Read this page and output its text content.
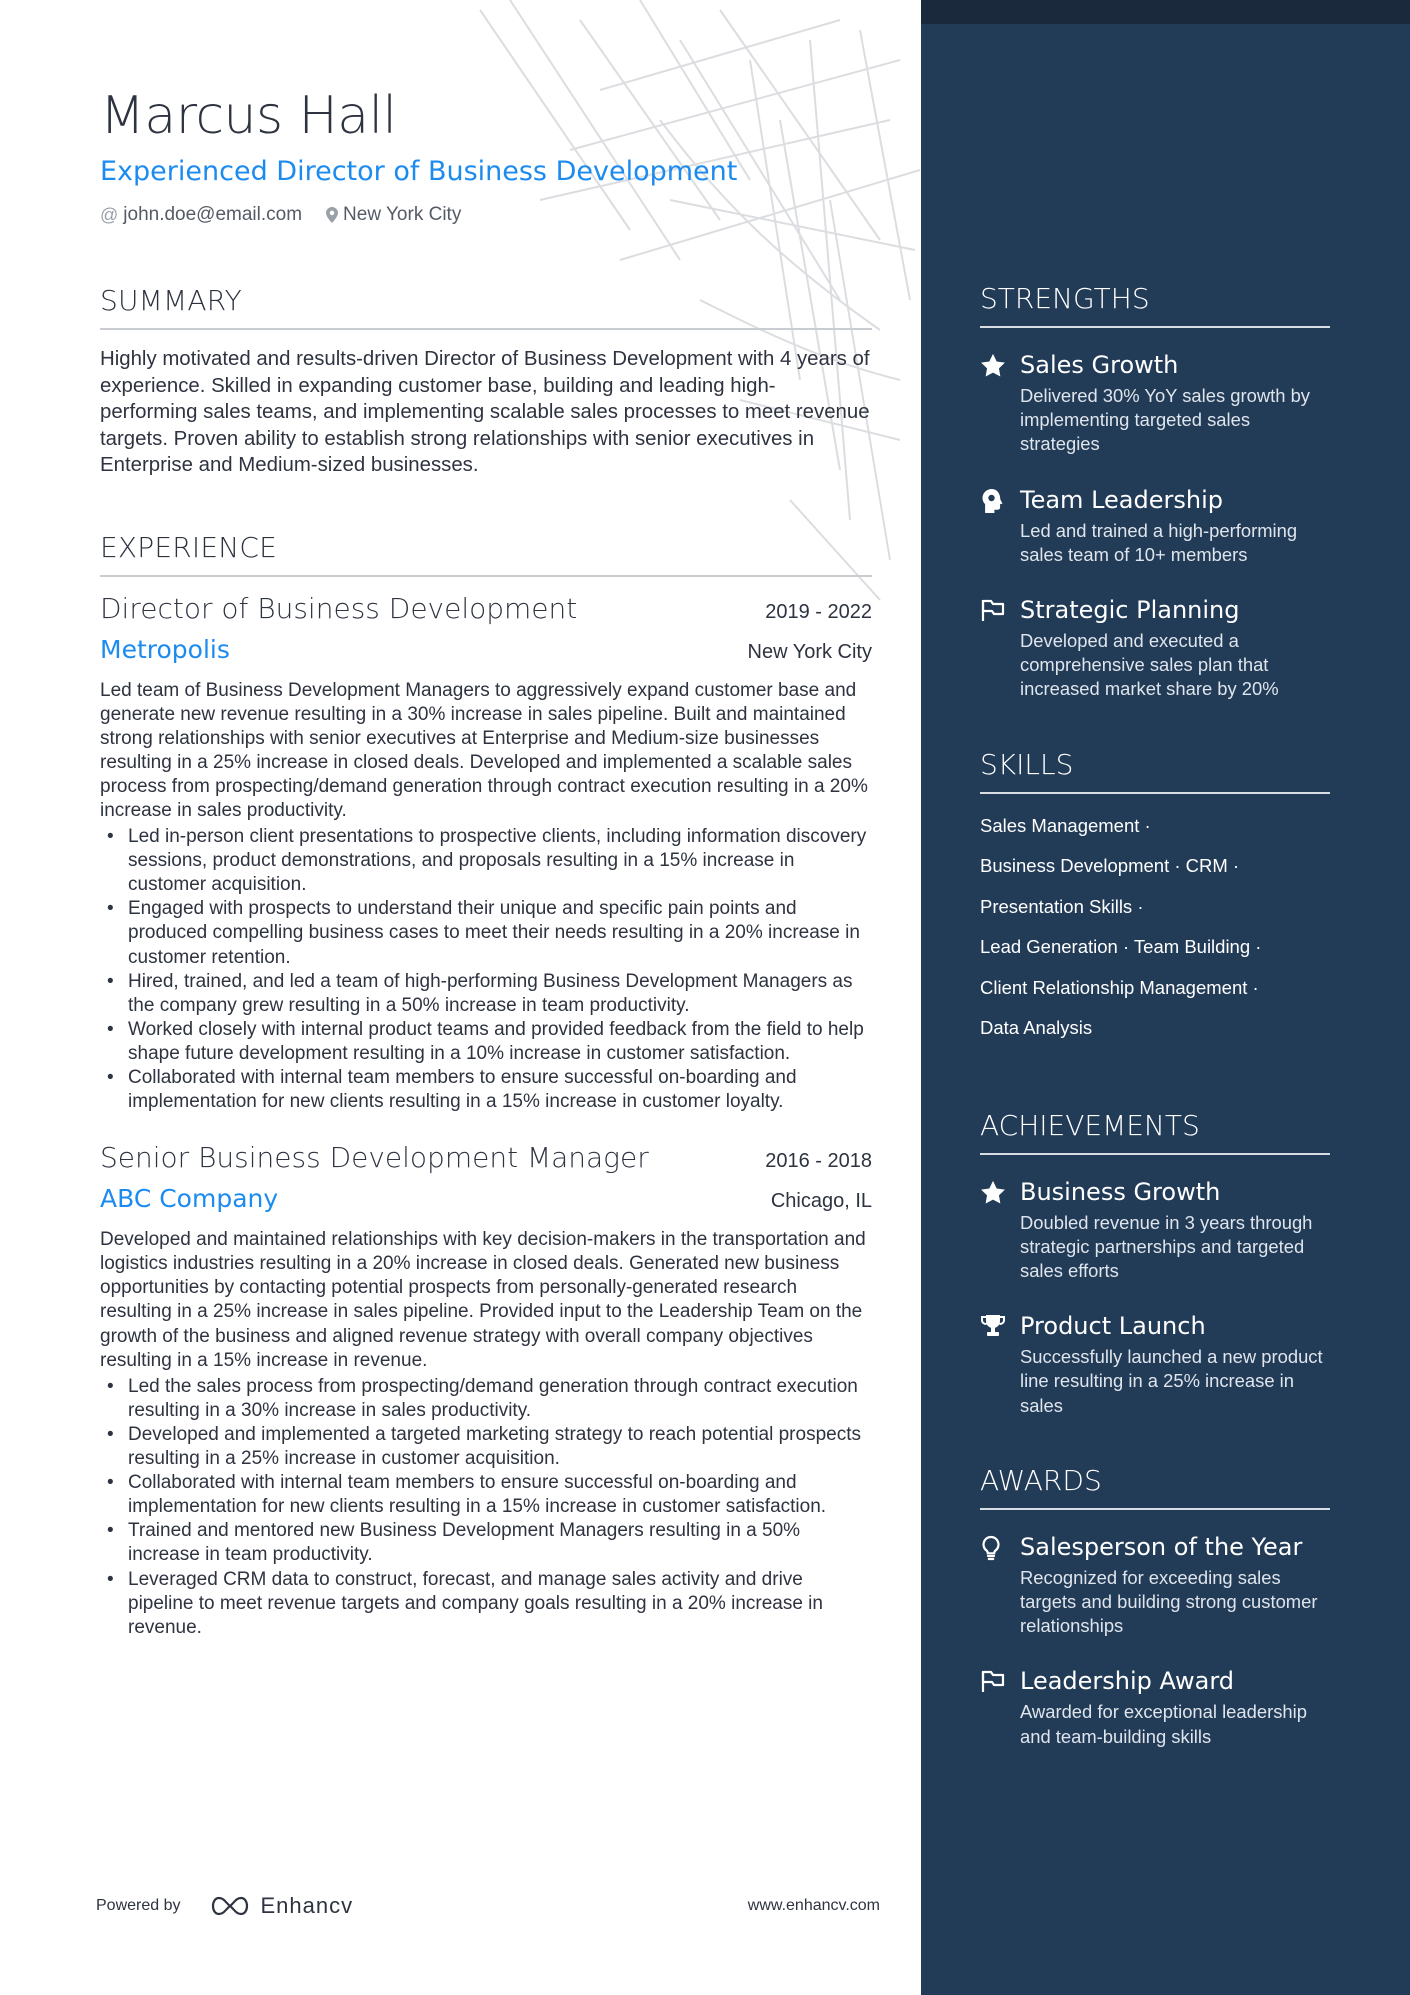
Marcus Hall
Experienced Director of Business Development
@ john.doe@email.com New York City
SUMMARY
Highly motivated and results-driven Director of Business Development with 4 years of experience. Skilled in expanding customer base, building and leading high-performing sales teams, and implementing scalable sales processes to meet revenue targets. Proven ability to establish strong relationships with senior executives in Enterprise and Medium-sized businesses.
EXPERIENCE
Director of Business Development	2019 - 2022
Metropolis	New York City
Led team of Business Development Managers to aggressively expand customer base and generate new revenue resulting in a 30% increase in sales pipeline. Built and maintained strong relationships with senior executives at Enterprise and Medium-size businesses resulting in a 25% increase in closed deals. Developed and implemented a scalable sales process from prospecting/demand generation through contract execution resulting in a 20% increase in sales productivity.
• Led in-person client presentations to prospective clients, including information discovery sessions, product demonstrations, and proposals resulting in a 15% increase in customer acquisition.
• Engaged with prospects to understand their unique and specific pain points and produced compelling business cases to meet their needs resulting in a 20% increase in customer retention.
• Hired, trained, and led a team of high-performing Business Development Managers as the company grew resulting in a 50% increase in team productivity.
• Worked closely with internal product teams and provided feedback from the field to help shape future development resulting in a 10% increase in customer satisfaction.
• Collaborated with internal team members to ensure successful on-boarding and implementation for new clients resulting in a 15% increase in customer loyalty.
Senior Business Development Manager	2016 - 2018
ABC Company	Chicago, IL
Developed and maintained relationships with key decision-makers in the transportation and logistics industries resulting in a 20% increase in closed deals. Generated new business opportunities by contacting potential prospects from personally-generated research resulting in a 25% increase in sales pipeline. Provided input to the Leadership Team on the growth of the business and aligned revenue strategy with overall company objectives resulting in a 15% increase in revenue.
• Led the sales process from prospecting/demand generation through contract execution resulting in a 30% increase in sales productivity.
• Developed and implemented a targeted marketing strategy to reach potential prospects resulting in a 25% increase in customer acquisition.
• Collaborated with internal team members to ensure successful on-boarding and implementation for new clients resulting in a 15% increase in customer satisfaction.
• Trained and mentored new Business Development Managers resulting in a 50% increase in team productivity.
• Leveraged CRM data to construct, forecast, and manage sales activity and drive pipeline to meet revenue targets and company goals resulting in a 20% increase in revenue.
Powered by	Enhancv	www.enhancv.com
STRENGTHS
Sales Growth
Delivered 30% YoY sales growth by implementing targeted sales strategies
Team Leadership
Led and trained a high-performing sales team of 10+ members
Strategic Planning
Developed and executed a comprehensive sales plan that increased market share by 20%
SKILLS
Sales Management ·
Business Development · CRM ·
Presentation Skills ·
Lead Generation · Team Building ·
Client Relationship Management ·
Data Analysis
ACHIEVEMENTS
Business Growth
Doubled revenue in 3 years through strategic partnerships and targeted sales efforts
Product Launch
Successfully launched a new product line resulting in a 25% increase in sales
AWARDS
Salesperson of the Year
Recognized for exceeding sales targets and building strong customer relationships
Leadership Award
Awarded for exceptional leadership and team-building skills
